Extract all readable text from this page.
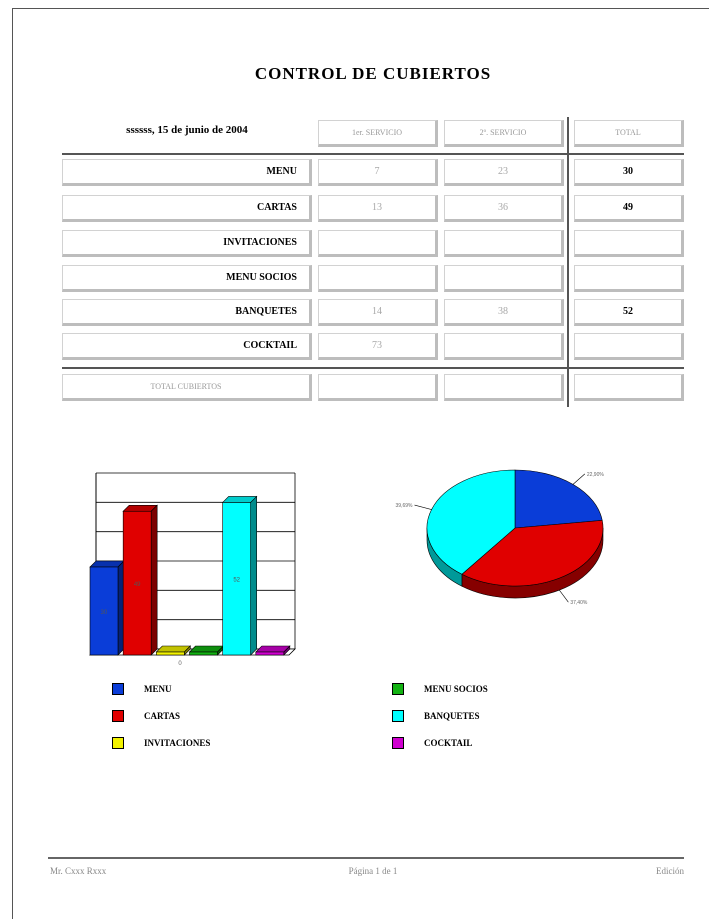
CONTROL DE CUBIERTOS
ssssss, 15 de junio de 2004	1er. SERVICIO	2º. SERVICIO	TOTAL
MENU	7	23	30
CARTAS	13	36	49
INVITACIONES
MENU SOCIOS
BANQUETES	14	38	52
COCKTAIL	73
TOTAL CUBIERTOS
30
49
52
0
22,90%
37,40%
39,69%
MENU
CARTAS
INVITACIONES
MENU SOCIOS
BANQUETES
COCKTAIL
Mr. Cxxx Rxxx	Página 1 de 1	Edición
